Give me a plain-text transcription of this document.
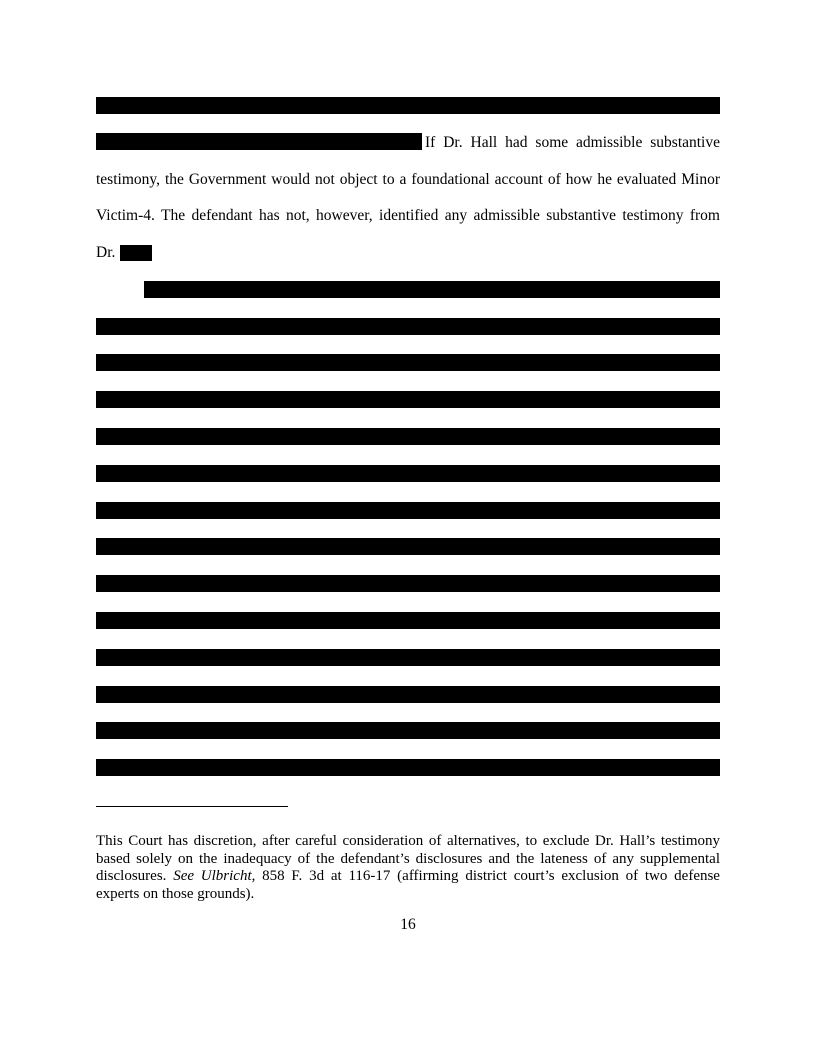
If Dr. Hall had some admissible substantive
testimony, the Government would not object to a foundational account of how he evaluated Minor
Victim-4. The defendant has not, however, identified any admissible substantive testimony from
Dr.
This Court has discretion, after careful consideration of alternatives, to exclude Dr. Hall’s testimony based solely on the inadequacy of the defendant’s disclosures and the lateness of any supplemental disclosures. See Ulbricht, 858 F. 3d at 116-17 (affirming district court’s exclusion of two defense experts on those grounds).
16
